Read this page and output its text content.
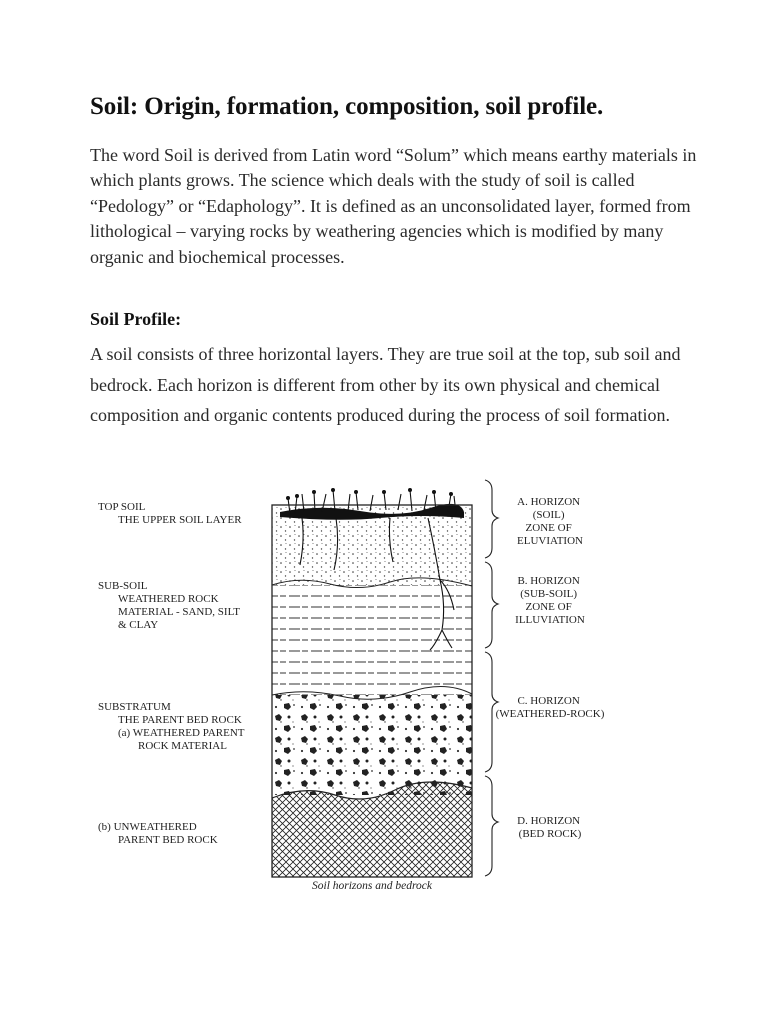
Soil: Origin, formation, composition, soil profile.

The word Soil is derived from Latin word “Solum” which means earthy materials in which plants grows. The science which deals with the study of soil is called “Pedology” or “Edaphology”. It is defined as an unconsolidated layer, formed from lithological – varying rocks by weathering agencies which is modified by many organic and biochemical processes.

Soil Profile:

A soil consists of three horizontal layers. They are true soil at the top, sub soil and bedrock. Each horizon is different from other by its own physical and chemical composition and organic contents produced during the process of soil formation.

TOP SOIL THE UPPER SOIL LAYER
SUB-SOIL WEATHERED ROCK MATERIAL - SAND, SILT & CLAY
SUBSTRATUM THE PARENT BED ROCK (a) WEATHERED PARENT ROCK MATERIAL
(b) UNWEATHERED PARENT BED ROCK
A. HORIZON (SOIL) ZONE OF ELUVIATION
B. HORIZON (SUB-SOIL) ZONE OF ILLUVIATION
C. HORIZON (WEATHERED-ROCK)
D. HORIZON (BED ROCK)
Soil horizons and bedrock
